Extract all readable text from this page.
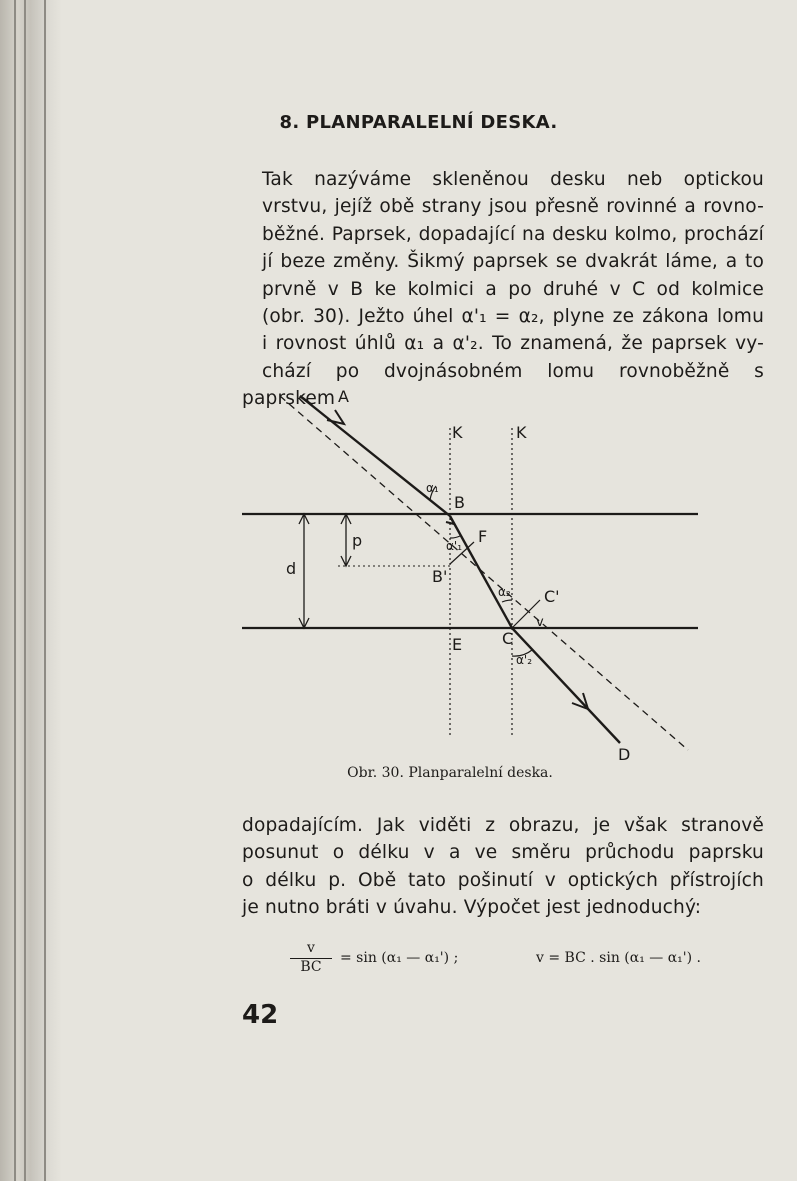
8. PLANPARALELNÍ DESKA.
Tak nazýváme skleněnou desku neb optickou
vrstvu, jejíž obě strany jsou přesně rovinné a rovno-
běžné. Paprsek, dopadající na desku kolmo, prochází
jí beze změny. Šikmý paprsek se dvakrát láme, a to
prvně v B ke kolmici a po druhé v C od kolmice
(obr. 30). Ježto úhel α'₁ = α₂, plyne ze zákona lomu
i rovnost úhlů α₁ a α'₂. To znamená, že paprsek vy-
chází po dvojnásobném lomu rovnoběžně s paprskem A
K	K
B
B'
F
C
C'
E
D
d
p
v
α₁
α'₁
α₂
α'₂
Obr. 30. Planparalelní deska.
dopadajícím. Jak viděti z obrazu, je však stranově
posunut o délku v a ve směru průchodu paprsku
o délku p. Obě tato pošinutí v optických přístrojích
je nutno bráti v úvahu. Výpočet jest jednoduchý:
v
BC
= sin (α₁ — α₁') ;	v = BC . sin (α₁ — α₁') .
42
